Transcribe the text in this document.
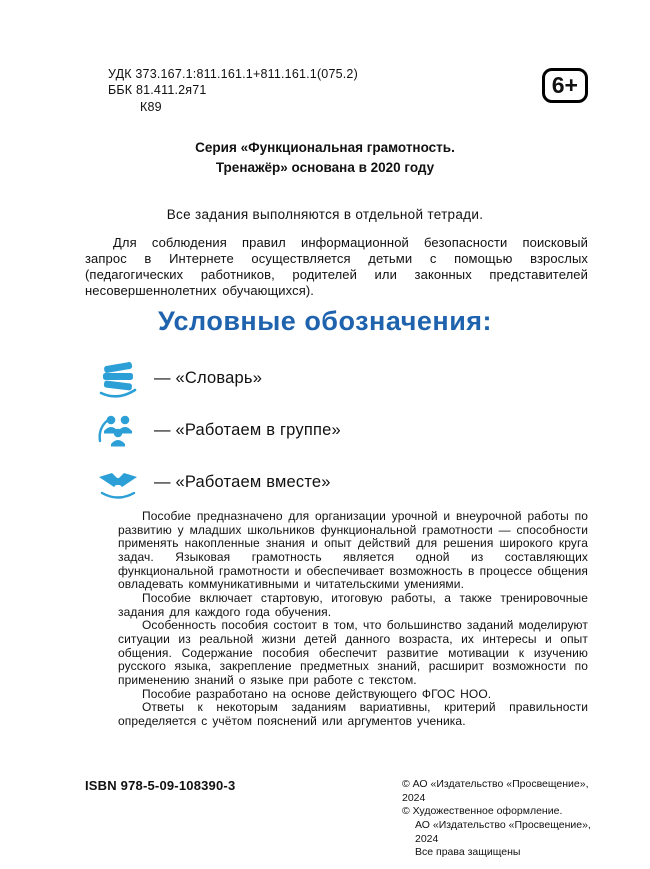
УДК 373.167.1:811.161.1+811.161.1(075.2)
ББК 81.411.2я71
К89
6+

Серия «Функциональная грамотность. Тренажёр» основана в 2020 году

Все задания выполняются в отдельной тетради.

Для соблюдения правил информационной безопасности поисковый запрос в Интернете осуществляется детьми с помощью взрослых (педагогических работников, родителей или законных представителей несовершеннолетних обучающихся).

Условные обозначения:
— «Словарь»
— «Работаем в группе»
— «Работаем вместе»

Пособие предназначено для организации урочной и внеурочной работы по развитию у младших школьников функциональной грамотности — способности применять накопленные знания и опыт действий для решения широкого круга задач. Языковая грамотность является одной из составляющих функциональной грамотности и обеспечивает возможность в процессе общения овладевать коммуникативными и читательскими умениями.

Пособие включает стартовую, итоговую работы, а также тренировочные задания для каждого года обучения.

Особенность пособия состоит в том, что большинство заданий моделируют ситуации из реальной жизни детей данного возраста, их интересы и опыт общения. Содержание пособия обеспечит развитие мотивации к изучению русского языка, закрепление предметных знаний, расширит возможности по применению знаний о языке при работе с текстом.

Пособие разработано на основе действующего ФГОС НОО.

Ответы к некоторым заданиям вариативны, критерий правильности определяется с учётом пояснений или аргументов ученика.

ISBN 978-5-09-108390-3	© АО «Издательство «Просвещение», 2024
© Художественное оформление.
АО «Издательство «Просвещение», 2024
Все права защищены
